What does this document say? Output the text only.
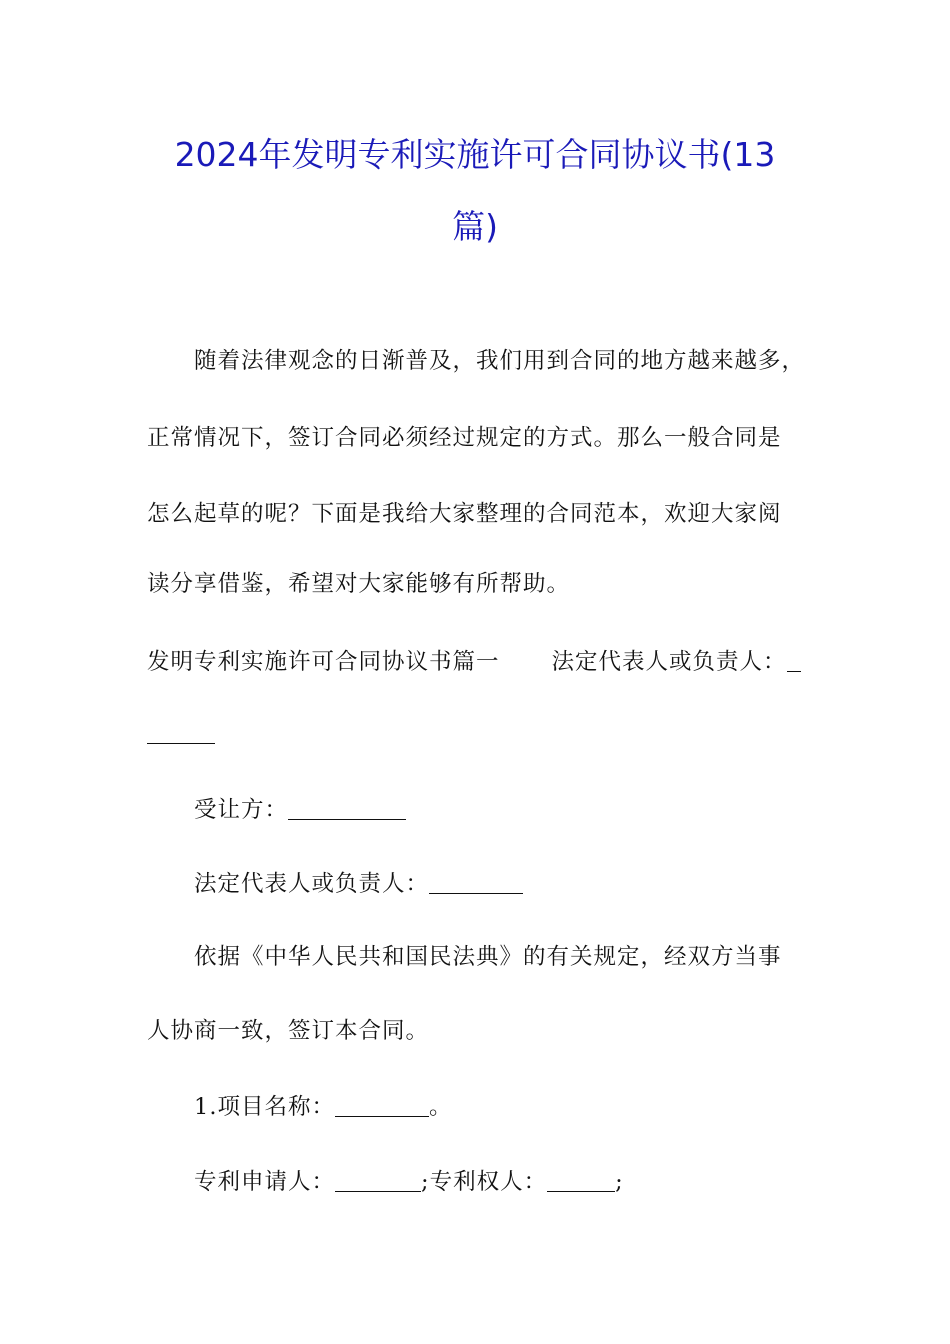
2024年发明专利实施许可合同协议书(13
篇)
随着法律观念的日渐普及，我们用到合同的地方越来越多，
正常情况下，签订合同必须经过规定的方式。那么一般合同是
怎么起草的呢？下面是我给大家整理的合同范本，欢迎大家阅
读分享借鉴，希望对大家能够有所帮助。
发明专利实施许可合同协议书篇一 法定代表人或负责人：
受让方：
法定代表人或负责人：
依据《中华人民共和国民法典》的有关规定，经双方当事
人协商一致，签订本合同。
1.项目名称：	。
专利申请人：	;专利权人：	;
